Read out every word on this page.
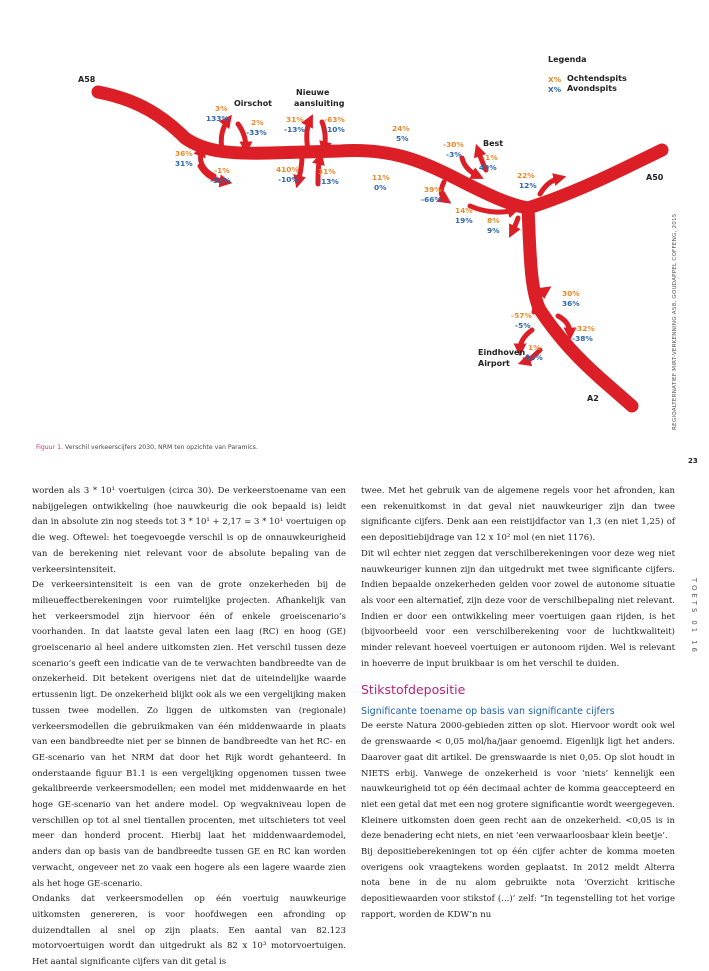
A58
A50
A2
Oirschot
Nieuwe
aansluiting
Best
Eindhoven
Airport
Legenda
X% Ochtendspits
X% Avondspits
3%
133%	2%
-33%
36%
31%
-1%
-32%
31%
-13%
-63%
-10%
410%
-10%
31%
-13%
24%
5%
-30%
-3%	-1%
49%
11%
0%	39%
-66%
14%
19% 8%
9%
22%
12%
30%
36%
-57%
-5%	-32%
-38%
1%
-34%	REGIOALTERNATIEF MIRT-VERKENNING A58, GOUDAPPEL COFFENG, 2015
Figuur 1. Verschil verkeerscijfers 2030, NRM ten opzichte van Paramics.
23
TOETS 01 16

worden als 3 * 10¹ voertuigen (circa 30). De verkeerstoename van een nabijgelegen ontwikkeling (hoe nauwkeurig die ook bepaald is) leidt dan in absolute zin nog steeds tot 3 * 10¹ + 2,17 = 3 * 10¹ voertuigen op die weg. Oftewel: het toegevoegde verschil is op de onnauwkeurigheid van de berekening niet relevant voor de absolute bepaling van de verkeersintensiteit.

De verkeersintensiteit is een van de grote onzekerheden bij de milieueffectberekeningen voor ruimtelijke projecten. Afhankelijk van het verkeersmodel zijn hiervoor één of enkele groeiscenario’s voorhanden. In dat laatste geval laten een laag (RC) en hoog (GE) groeiscenario al heel andere uitkomsten zien. Het verschil tussen deze scenario’s geeft een indicatie van de te verwachten bandbreedte van de onzekerheid. Dit betekent overigens niet dat de uiteindelijke waarde ertussenin ligt. De onzekerheid blijkt ook als we een vergelijking maken tussen twee modellen. Zo liggen de uitkomsten van (regionale) verkeersmodellen die gebruikmaken van één middenwaarde in plaats van een bandbreedte niet per se binnen de bandbreedte van het RC- en GE-scenario van het NRM dat door het Rijk wordt gehanteerd. In onderstaande figuur B1.1 is een vergelijking opgenomen tussen twee gekalibreerde verkeersmodellen; een model met middenwaarde en het hoge GE-scenario van het andere model. Op wegvakniveau lopen de verschillen op tot al snel tientallen procenten, met uitschieters tot veel meer dan honderd procent. Hierbij laat het middenwaardemodel, anders dan op basis van de bandbreedte tussen GE en RC kan worden verwacht, ongeveer net zo vaak een hogere als een lagere waarde zien als het hoge GE-scenario.

Ondanks dat verkeersmodellen op één voertuig nauwkeurige uitkomsten genereren, is voor hoofdwegen een afronding op duizendtallen al snel op zijn plaats. Een aantal van 82.123 motorvoertuigen wordt dan uitgedrukt als 82 x 10³ motorvoertuigen. Het aantal significante cijfers van dit getal is

twee. Met het gebruik van de algemene regels voor het afronden, kan een rekenuitkomst in dat geval niet nauwkeuriger zijn dan twee significante cijfers. Denk aan een reistijdfactor van 1,3 (en niet 1,25) of een depositiebijdrage van 12 x 10² mol (en niet 1176).

Dit wil echter niet zeggen dat verschilberekeningen voor deze weg niet nauwkeuriger kunnen zijn dan uitgedrukt met twee significante cijfers. Indien bepaalde onzekerheden gelden voor zowel de autonome situatie als voor een alternatief, zijn deze voor de verschilbepaling niet relevant. Indien er door een ontwikkeling meer voertuigen gaan rijden, is het (bijvoorbeeld voor een verschilberekening voor de luchtkwaliteit) minder relevant hoeveel voertuigen er autonoom rijden. Wel is relevant in hoeverre de input bruikbaar is om het verschil te duiden.

Stikstofdepositie
Significante toename op basis van significante cijfers

De eerste Natura 2000-gebieden zitten op slot. Hiervoor wordt ook wel de grenswaarde < 0,05 mol/ha/jaar genoemd. Eigenlijk ligt het anders. Daarover gaat dit artikel. De grenswaarde is niet 0,05. Op slot houdt in NIETS erbij. Vanwege de onzekerheid is voor ‘niets’ kennelijk een nauwkeurigheid tot op één decimaal achter de komma geaccepteerd en niet een getal dat met een nog grotere significantie wordt weergegeven. Kleinere uitkomsten doen geen recht aan de onzekerheid. <0,05 is in deze benadering echt niets, en niet ‘een verwaarloosbaar klein beetje’.

Bij depositieberekeningen tot op één cijfer achter de komma moeten overigens ook vraagtekens worden geplaatst. In 2012 meldt Alterra nota bene in de nu alom gebruikte nota ‘Overzicht kritische depositiewaarden voor stikstof (...)’ zelf: “In tegenstelling tot het vorige rapport, worden de KDW’n nu
